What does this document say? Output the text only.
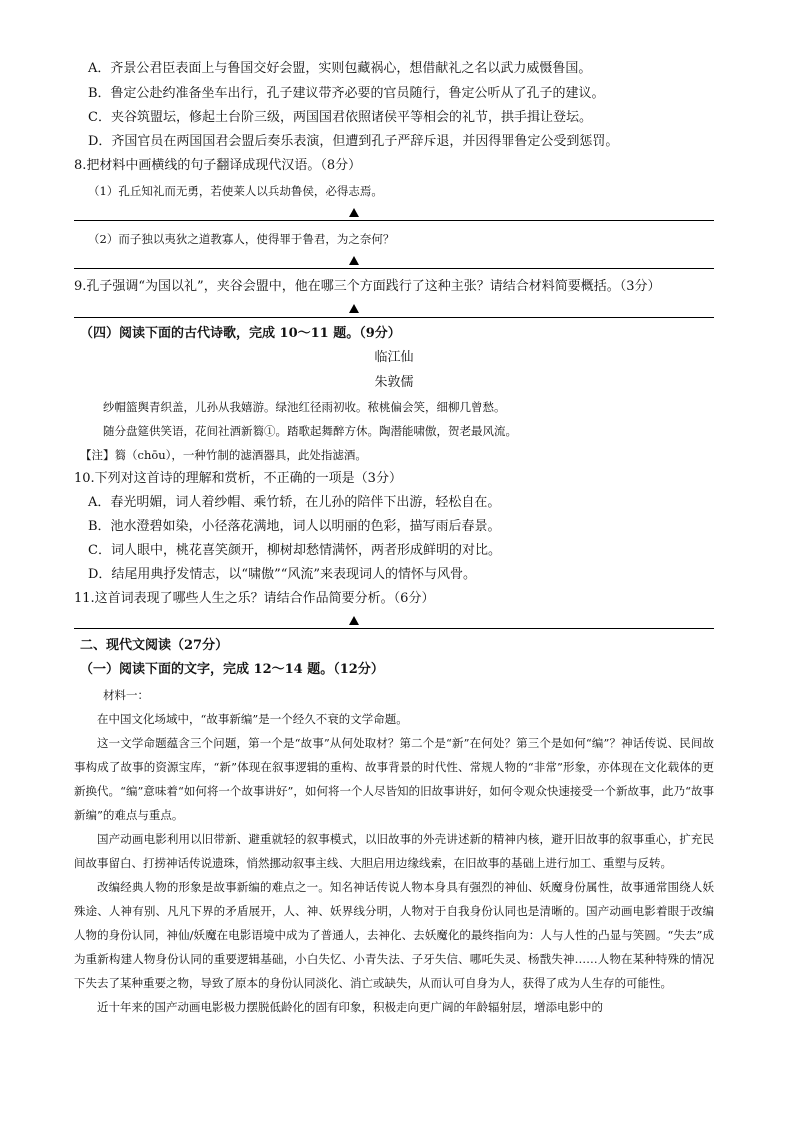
A．齐景公君臣表面上与鲁国交好会盟，实则包藏祸心，想借献礼之名以武力威慑鲁国。
B．鲁定公赴约准备坐车出行，孔子建议带齐必要的官员随行，鲁定公听从了孔子的建议。
C．夹谷筑盟坛，修起土台阶三级，两国国君依照诸侯平等相会的礼节，拱手揖让登坛。
D．齐国官员在两国国君会盟后奏乐表演，但遭到孔子严辞斥退，并因得罪鲁定公受到惩罚。
8.把材料中画横线的句子翻译成现代汉语。（8分）
（1）孔丘知礼而无勇，若使莱人以兵劫鲁侯，必得志焉。
（2）而子独以夷狄之道教寡人，使得罪于鲁君，为之奈何？
9.孔子强调“为国以礼”，夹谷会盟中，他在哪三个方面践行了这种主张？请结合材料简要概括。（3分）
（四）阅读下面的古代诗歌，完成 10～11 题。（9分）
临江仙
朱敦儒
纱帽篮舆青织盖，儿孙从我嬉游。绿池红径雨初收。秾桃偏会笑，细柳几曾愁。
随分盘筵供笑语，花间社酒新篘①。踏歌起舞醉方休。陶潜能啸傲，贺老最风流。
【注】篘（chōu），一种竹制的滤酒器具，此处指滤酒。
10.下列对这首诗的理解和赏析，不正确的一项是（3分）
A．春光明媚，词人着纱帽、乘竹轿，在儿孙的陪伴下出游，轻松自在。
B．池水澄碧如染，小径落花满地，词人以明丽的色彩，描写雨后春景。
C．词人眼中，桃花喜笑颜开，柳树却愁情满怀，两者形成鲜明的对比。
D．结尾用典抒发情志，以“啸傲”“风流”来表现词人的情怀与风骨。
11.这首词表现了哪些人生之乐？请结合作品简要分析。（6分）
二、现代文阅读（27分）
（一）阅读下面的文字，完成 12～14 题。（12分）
材料一：

在中国文化场域中，“故事新编”是一个经久不衰的文学命题。

这一文学命题蕴含三个问题，第一个是“故事”从何处取材？第二个是“新”在何处？第三个是如何“编”？神话传说、民间故事构成了故事的资源宝库，“新”体现在叙事逻辑的重构、故事背景的时代性、常规人物的“非常”形象，亦体现在文化载体的更新换代。“编”意味着“如何将一个故事讲好”，如何将一个人尽皆知的旧故事讲好，如何令观众快速接受一个新故事，此乃“故事新编”的难点与重点。

国产动画电影利用以旧带新、避重就轻的叙事模式，以旧故事的外壳讲述新的精神内核，避开旧故事的叙事重心，扩充民间故事留白、打捞神话传说遗珠，悄然挪动叙事主线、大胆启用边缘线索，在旧故事的基础上进行加工、重塑与反转。

改编经典人物的形象是故事新编的难点之一。知名神话传说人物本身具有强烈的神仙、妖魔身份属性，故事通常围绕人妖殊途、人神有别、凡凡下界的矛盾展开，人、神、妖界线分明，人物对于自我身份认同也是清晰的。国产动画电影着眼于改编人物的身份认同，神仙/妖魔在电影语境中成为了普通人，去神化、去妖魔化的最终指向为：人与人性的凸显与笑圆。“失去”成为重新构建人物身份认同的重要逻辑基础，小白失忆、小青失法、子牙失信、哪吒失灵、杨戬失神……人物在某种特殊的情况下失去了某种重要之物，导致了原本的身份认同淡化、消亡或缺失，从而认可自身为人，获得了成为人生存的可能性。

近十年来的国产动画电影极力摆脱低龄化的固有印象，积极走向更广阔的年龄辐射层，增添电影中的
